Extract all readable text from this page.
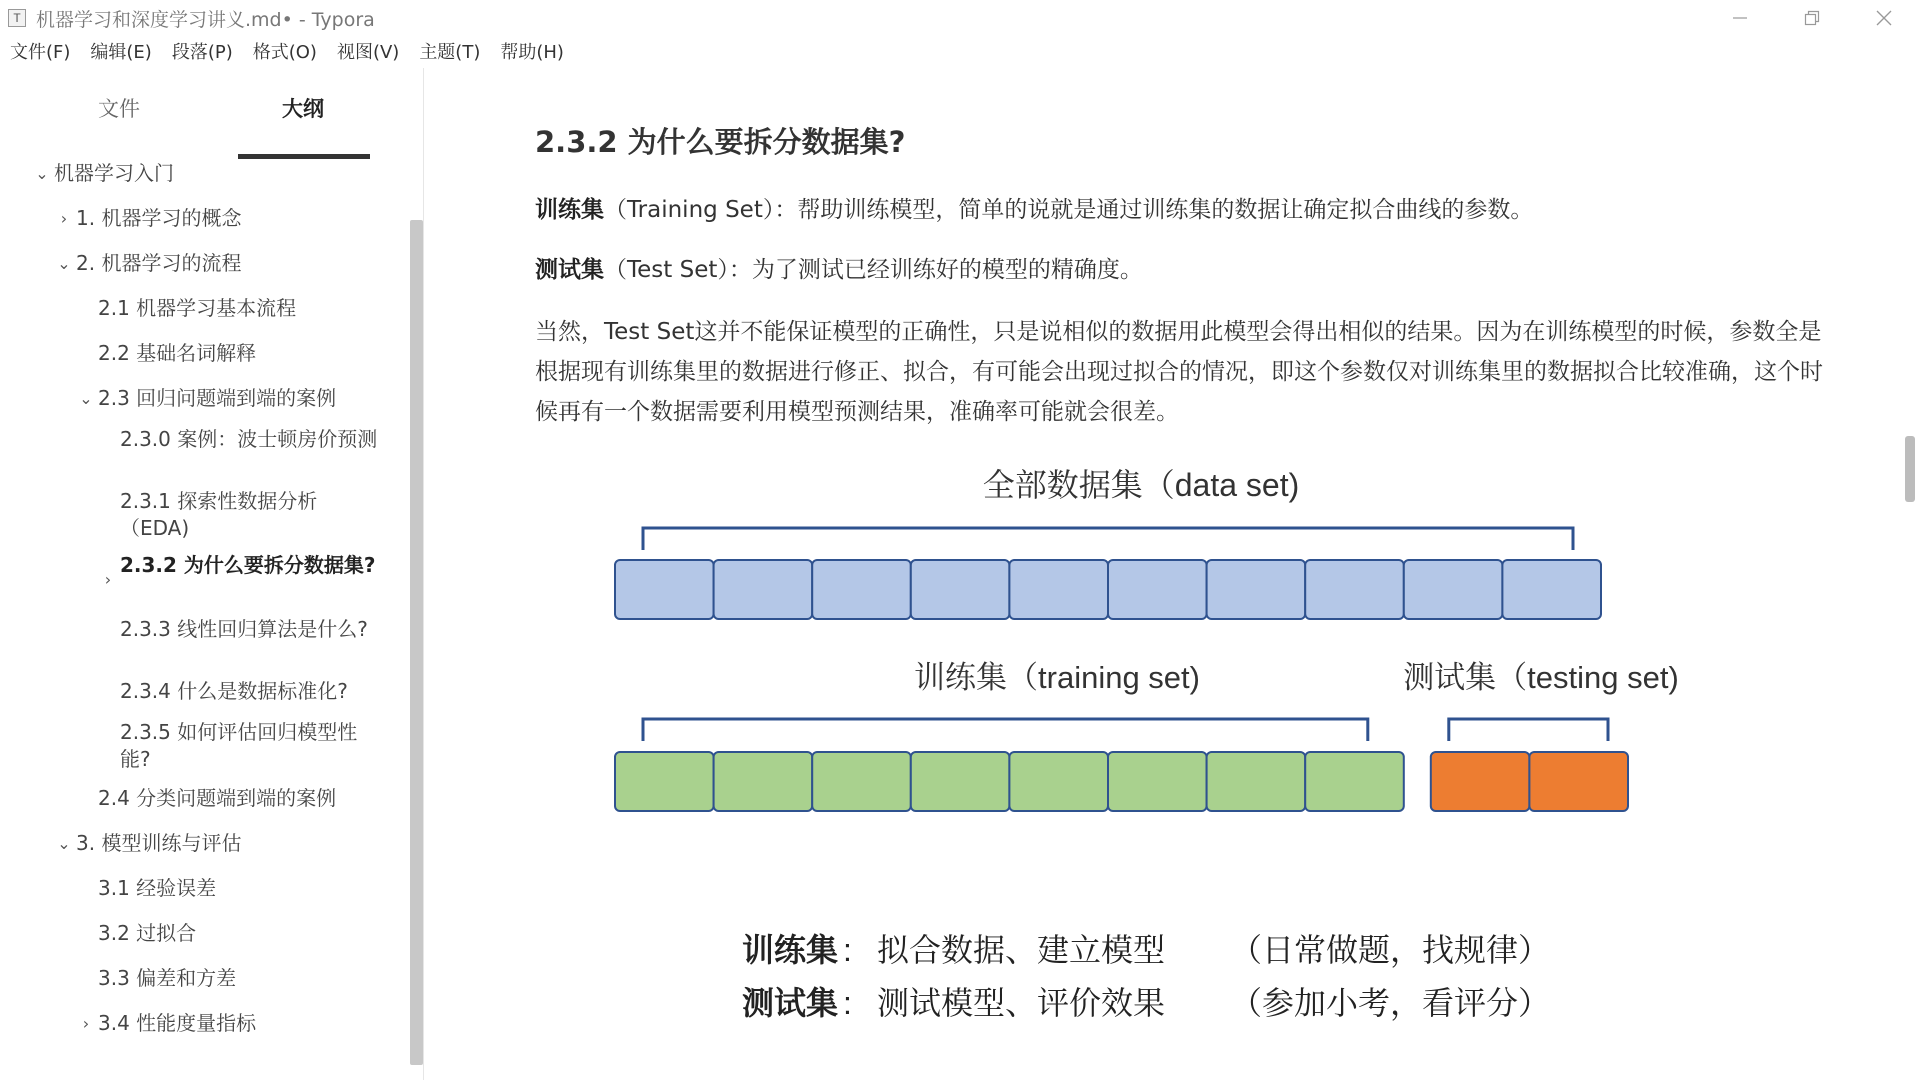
T 机器学习和深度学习讲义.md• - Typora
文件(F)	编辑(E)	段落(P)	格式(O)	视图(V)	主题(T)	帮助(H)
文件	大纲
⌄ 机器学习入门
› 1. 机器学习的概念
⌄ 2. 机器学习的流程
2.1 机器学习基本流程
2.2 基础名词解释
⌄ 2.3 回归问题端到端的案例
2.3.0 案例：波士顿房价预测
2.3.1 探索性数据分析（EDA)
›
2.3.2 为什么要拆分数据集?
2.3.3 线性回归算法是什么?
2.3.4 什么是数据标准化?
2.3.5 如何评估回归模型性能?
2.4 分类问题端到端的案例
⌄ 3. 模型训练与评估
3.1 经验误差
3.2 过拟合
3.3 偏差和方差
› 3.4 性能度量指标
2.3.2 为什么要拆分数据集?
训练集（Training Set）：帮助训练模型，简单的说就是通过训练集的数据让确定拟合曲线的参数。
测试集（Test Set）：为了测试已经训练好的模型的精确度。
当然，Test Set这并不能保证模型的正确性，只是说相似的数据用此模型会得出相似的结果。因为在训练模型的时候，参数全是根据现有训练集里的数据进行修正、拟合，有可能会出现过拟合的情况，即这个参数仅对训练集里的数据拟合比较准确，这个时候再有一个数据需要利用模型预测结果，准确率可能就会很差。
全部数据集（data set)
训练集（training set)	测试集（testing set)
训练集 : 拟合数据、建立模型 （日常做题，找规律）
测试集 : 测试模型、评价效果 （参加小考，看评分）
